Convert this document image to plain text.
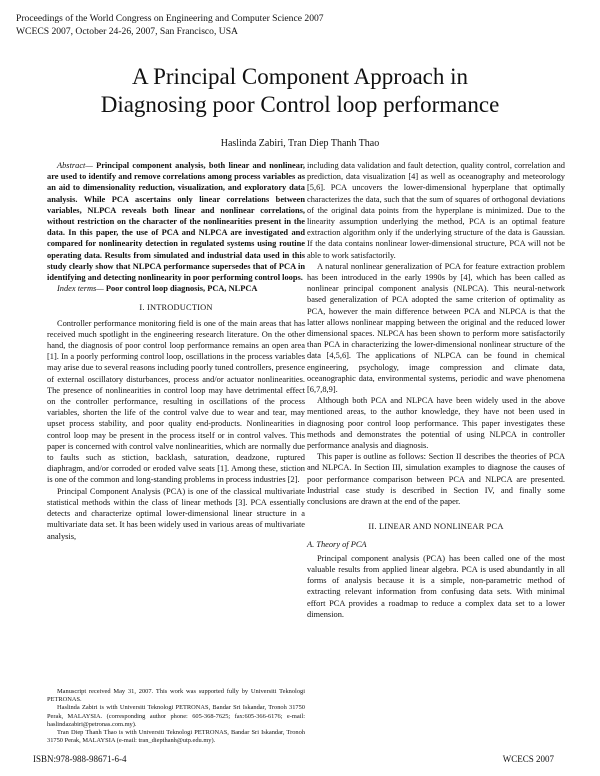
Proceedings of the World Congress on Engineering and Computer Science 2007
WCECS 2007, October 24-26, 2007, San Francisco, USA
A Principal Component Approach in
Diagnosing poor Control loop performance
Haslinda Zabiri, Tran Diep Thanh Thao

Abstract— Principal component analysis, both linear and nonlinear, are used to identify and remove correlations among process variables as an aid to dimensionality reduction, visualization, and exploratory data analysis. While PCA ascertains only linear correlations between variables, NLPCA reveals both linear and nonlinear correlations, without restriction on the character of the nonlinearities present in the data. In this paper, the use of PCA and NLPCA are investigated and compared for nonlinearity detection in regulated systems using routine operating data. Results from simulated and industrial data used in this study clearly show that NLPCA performance supersedes that of PCA in identifying and detecting nonlinearity in poor performing control loops.

Index terms— Poor control loop diagnosis, PCA, NLPCA

I. INTRODUCTION

Controller performance monitoring field is one of the main areas that has received much spotlight in the engineering research literature. On the other hand, the diagnosis of poor control loop performance remains an open area [1]. In a poorly performing control loop, oscillations in the process variables may arise due to several reasons including poorly tuned controllers, presence of external oscillatory disturbances, process and/or actuator nonlinearities. The presence of nonlinearities in control loop may have detrimental effect on the controller performance, resulting in oscillations of the process variables, shorten the life of the control valve due to wear and tear, may upset process stability, and poor quality end-products. Nonlinearities in control loop may be present in the process itself or in control valves. This paper is concerned with control valve nonlinearities, which are normally due to faults such as stiction, backlash, saturation, deadzone, ruptured diaphragm, and/or corroded or eroded valve seats [1]. Among these, stiction is one of the common and long-standing problems in process industries [2].

Principal Component Analysis (PCA) is one of the classical multivariate statistical methods within the class of linear methods [3]. PCA essentially detects and characterize optimal lower-dimensional linear structure in a multivariate data set. It has been widely used in various areas of multivariate analysis,

Manuscript received May 31, 2007. This work was supported fully by Universiti Teknologi PETRONAS.

Haslinda Zabiri is with Universiti Teknologi PETRONAS, Bandar Sri Iskandar, Tronoh 31750 Perak, MALAYSIA. (corresponding author phone: 605-368-7625; fax:605-366-6176; e-mail: haslindazabiri@petronas.com.my).

Tran Diep Thanh Thao is with Universiti Teknologi PETRONAS, Bandar Sri Iskandar, Tronoh 31750 Perak, MALAYSIA (e-mail: tran_diepthanh@utp.edu.my).

including data validation and fault detection, quality control, correlation and prediction, data visualization [4] as well as oceanography and meteorology [5,6]. PCA uncovers the lower-dimensional hyperplane that optimally characterizes the data, such that the sum of squares of orthogonal deviations of the original data points from the hyperplane is minimized. Due to the linearity assumption underlying the method, PCA is an optimal feature extraction algorithm only if the underlying structure of the data is Gaussian. If the data contains nonlinear lower-dimensional structure, PCA will not be able to work satisfactorily.

A natural nonlinear generalization of PCA for feature extraction problem has been introduced in the early 1990s by [4], which has been called as nonlinear principal component analysis (NLPCA). This neural-network based generalization of PCA adopted the same criterion of optimality as PCA, however the main difference between PCA and NLPCA is that the latter allows nonlinear mapping between the original and the reduced lower dimensional spaces. NLPCA has been shown to perform more satisfactorily than PCA in characterizing the lower-dimensional nonlinear structure of the data [4,5,6]. The applications of NLPCA can be found in chemical engineering, psychology, image compression and climate data, oceanographic data, environmental systems, periodic and wave phenomena [6,7,8,9].

Although both PCA and NLPCA have been widely used in the above mentioned areas, to the author knowledge, they have not been used in diagnosing poor control loop performance. This paper investigates these methods and demonstrates the potential of using NLPCA in controller performance analysis and diagnosis.

This paper is outline as follows: Section II describes the theories of PCA and NLPCA. In Section III, simulation examples to diagnose the causes of poor performance comparison between PCA and NLPCA are presented. Industrial case study is described in Section IV, and finally some conclusions are drawn at the end of the paper.

II. LINEAR AND NONLINEAR PCA
A. Theory of PCA

Principal component analysis (PCA) has been called one of the most valuable results from applied linear algebra. PCA is used abundantly in all forms of analysis because it is a simple, non-parametric method of extracting relevant information from confusing data sets. With minimal effort PCA provides a roadmap to reduce a complex data set to a lower dimension.

ISBN:978-988-98671-6-4	WCECS 2007
